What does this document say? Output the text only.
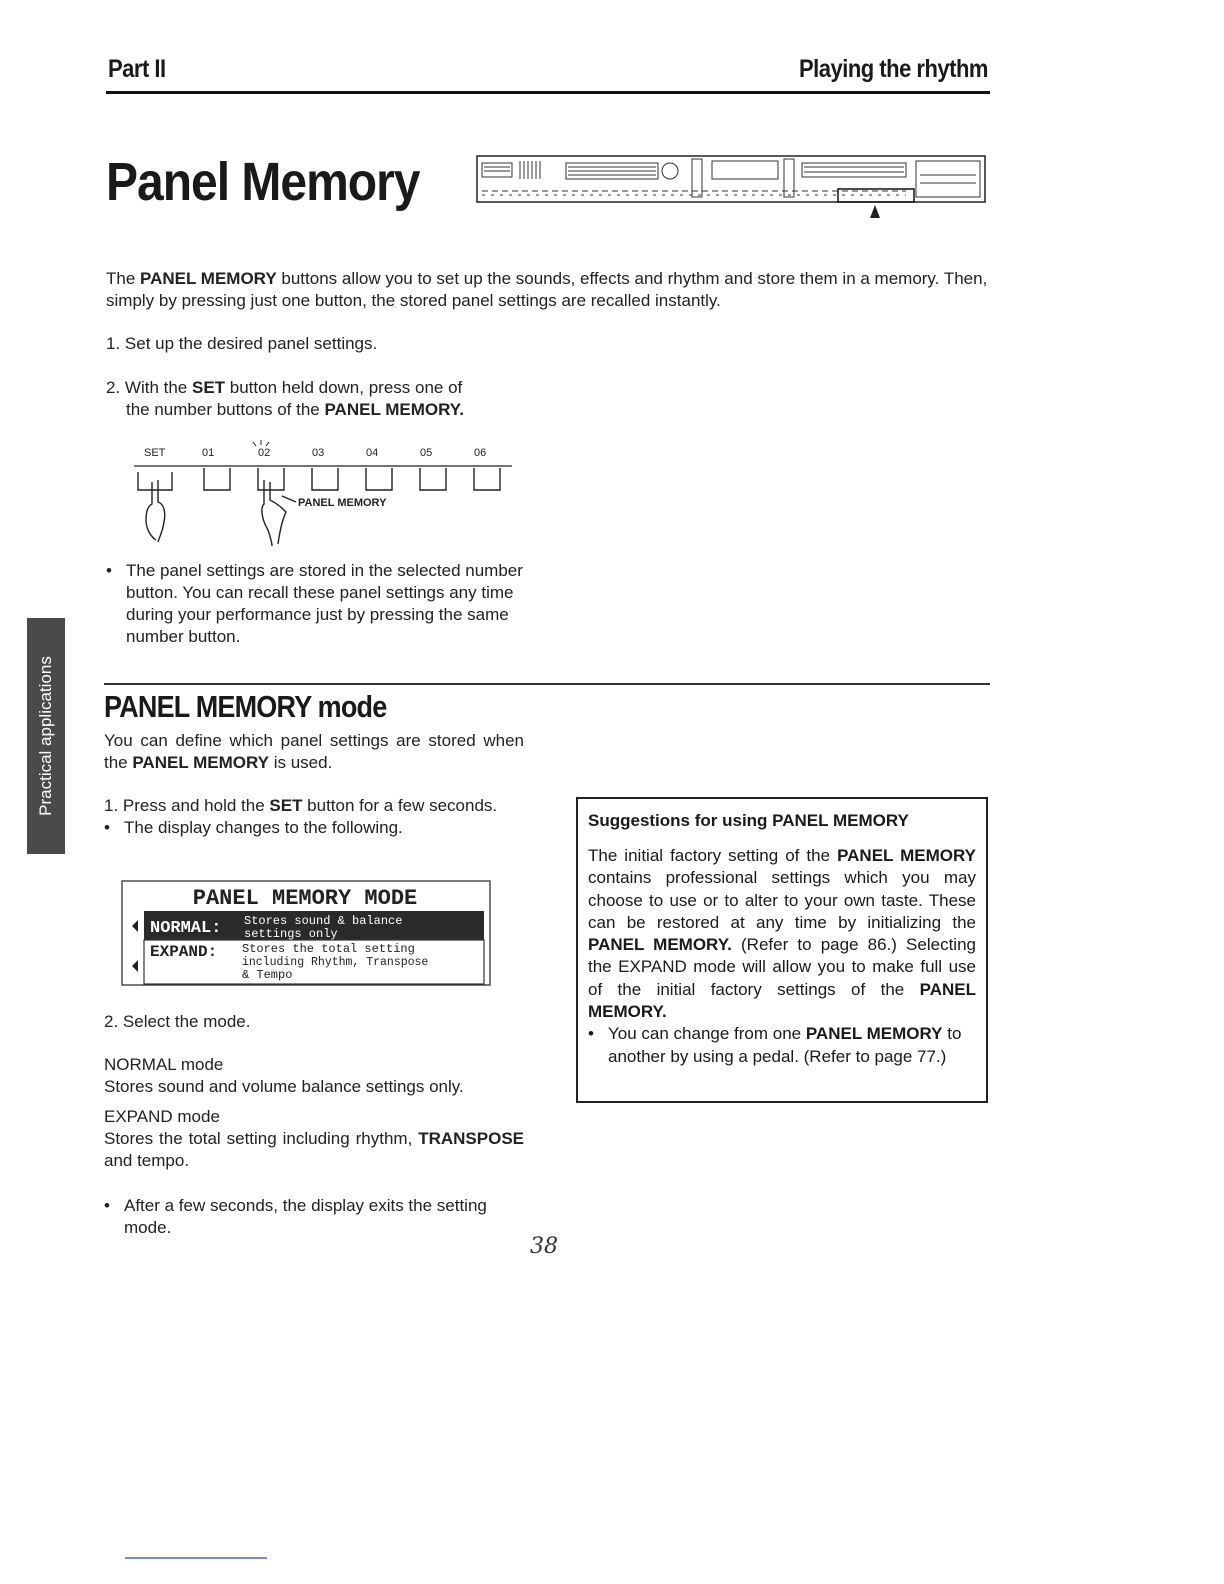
Part II	Playing the rhythm
Panel Memory
The PANEL MEMORY buttons allow you to set up the sounds, effects and rhythm and store them in a memory. Then, simply by pressing just one button, the stored panel settings are recalled instantly.
1. Set up the desired panel settings.
2. With the SET button held down, press one of
the number buttons of the PANEL MEMORY.
SET	01	02	03	04	05	06
PANEL MEMORY
• The panel settings are stored in the selected number button. You can recall these panel settings any time during your performance just by pressing the same number button.
Practical applications PANEL MEMORY mode
You can define which panel settings are stored when the PANEL MEMORY is used.
1. Press and hold the SET button for a few seconds.
• The display changes to the following.
PANEL MEMORY MODE
NORMAL: Stores sound & balance
settings only
EXPAND: Stores the total setting
including Rhythm, Transpose
& Tempo
2. Select the mode.
NORMAL mode
Stores sound and volume balance settings only.
EXPAND mode
Stores the total setting including rhythm, TRANSPOSE and tempo.
• After a few seconds, the display exits the setting mode.
Suggestions for using PANEL MEMORY
The initial factory setting of the PANEL MEMORY contains professional settings which you may choose to use or to alter to your own taste. These can be restored at any time by initializing the PANEL MEMORY. (Refer to page 86.) Selecting the EXPAND mode will allow you to make full use of the initial factory settings of the PANEL MEMORY.
• You can change from one PANEL MEMORY to another by using a pedal. (Refer to page 77.)
38
